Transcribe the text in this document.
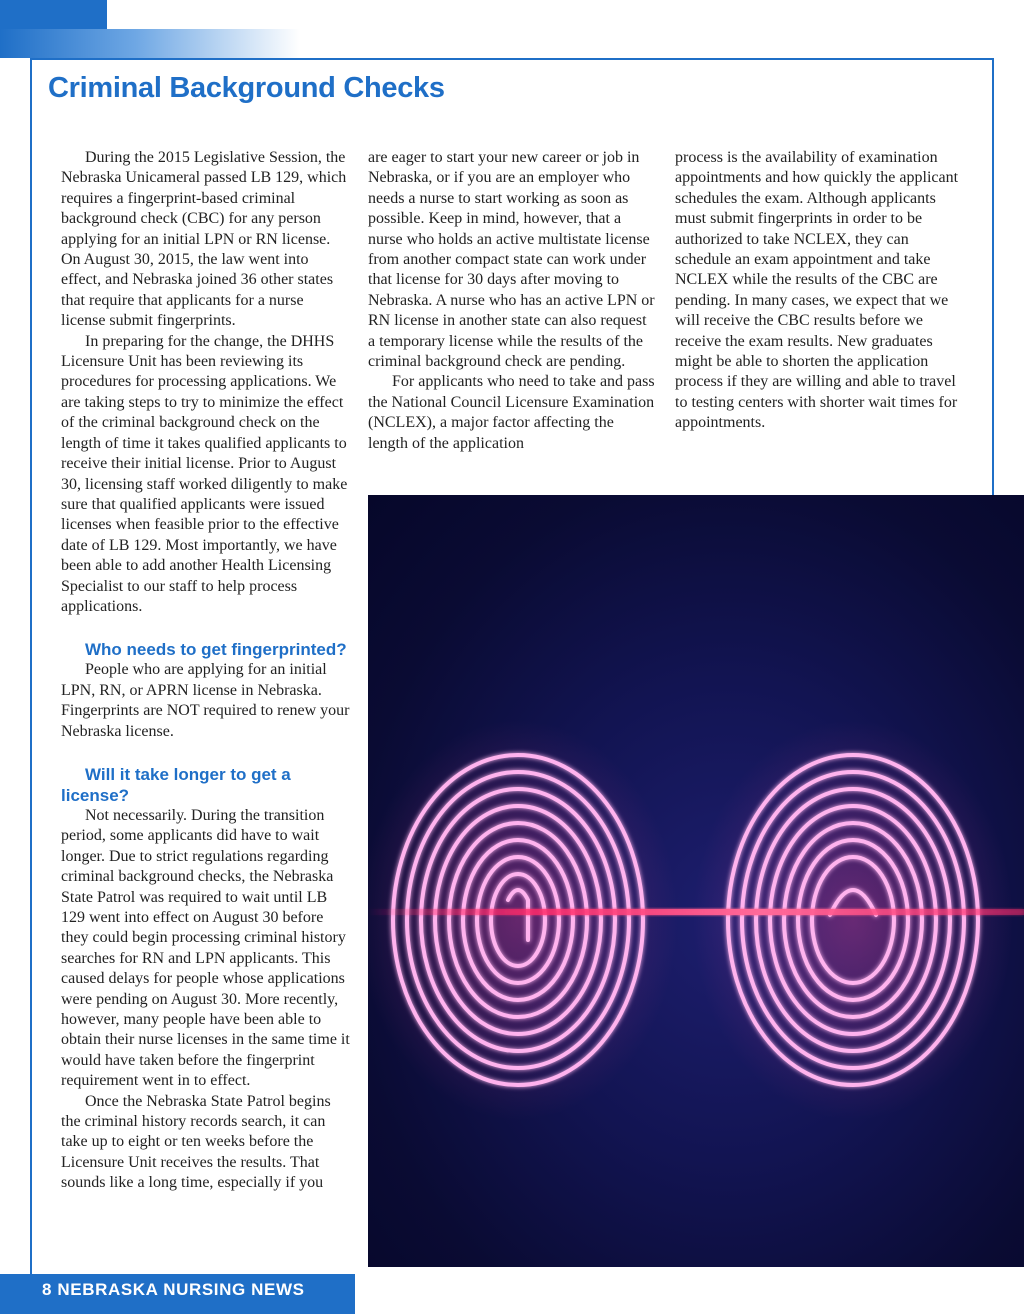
Criminal Background Checks

During the 2015 Legislative Session, the Nebraska Unicameral passed LB 129, which requires a fingerprint-based criminal background check (CBC) for any person applying for an initial LPN or RN license. On August 30, 2015, the law went into effect, and Nebraska joined 36 other states that require that applicants for a nurse license submit fingerprints.

In preparing for the change, the DHHS Licensure Unit has been reviewing its procedures for processing applications. We are taking steps to try to minimize the effect of the criminal background check on the length of time it takes qualified applicants to receive their initial license. Prior to August 30, licensing staff worked diligently to make sure that qualified applicants were issued licenses when feasible prior to the effective date of LB 129. Most importantly, we have been able to add another Health Licensing Specialist to our staff to help process applications.

Who needs to get fingerprinted?

People who are applying for an initial LPN, RN, or APRN license in Nebraska. Fingerprints are NOT required to renew your Nebraska license.

Will it take longer to get a license?

Not necessarily. During the transition period, some applicants did have to wait longer. Due to strict regulations regarding criminal background checks, the Nebraska State Patrol was required to wait until LB 129 went into effect on August 30 before they could begin processing criminal history searches for RN and LPN applicants. This caused delays for people whose applications were pending on August 30. More recently, however, many people have been able to obtain their nurse licenses in the same time it would have taken before the fingerprint requirement went in to effect.

Once the Nebraska State Patrol begins the criminal history records search, it can take up to eight or ten weeks before the Licensure Unit receives the results. That sounds like a long time, especially if you

are eager to start your new career or job in Nebraska, or if you are an employer who needs a nurse to start working as soon as possible. Keep in mind, however, that a nurse who holds an active multistate license from another compact state can work under that license for 30 days after moving to Nebraska. A nurse who has an active LPN or RN license in another state can also request a temporary license while the results of the criminal background check are pending.

For applicants who need to take and pass the National Council Licensure Examination (NCLEX), a major factor affecting the length of the application

process is the availability of examination appointments and how quickly the applicant schedules the exam. Although applicants must submit fingerprints in order to be authorized to take NCLEX, they can schedule an exam appointment and take NCLEX while the results of the CBC are pending. In many cases, we expect that we will receive the CBC results before we receive the exam results. New graduates might be able to shorten the application process if they are willing and able to travel to testing centers with shorter wait times for appointments.

8 NEBRASKA NURSING NEWS
